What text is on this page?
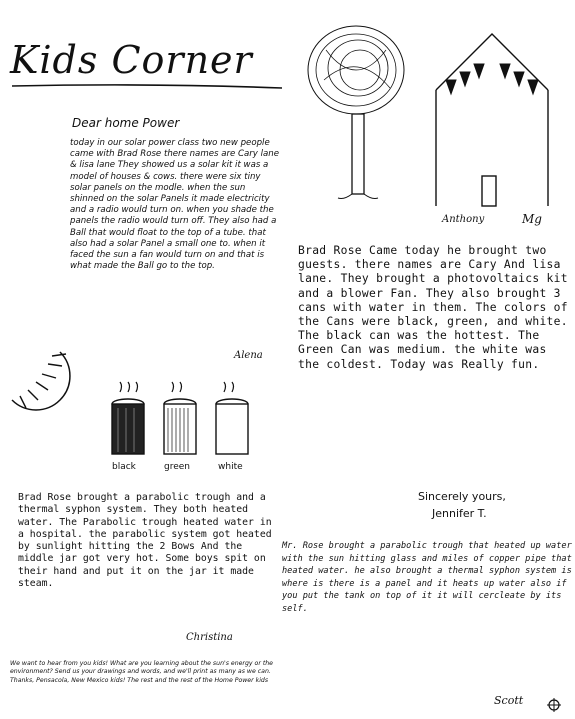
Kids Corner
Dear home Power
today in our solar power class two new people came with Brad Rose there names are Cary lane & lisa lane They showed us a solar kit it was a model of houses & cows. there were six tiny solar panels on the modle. when the sun shinned on the solar Panels it made electricity and a radio would turn on. when you shade the panels the radio would turn off. They also had a Ball that would float to the top of a tube. that also had a solar Panel a small one to. when it faced the sun a fan would turn on and that is what made the Ball go to the top.
Alena
black	green	white
Brad Rose brought a parabolic trough and a thermal syphon system. They both heated water. The Parabolic trough heated water in a hospital. the parabolic system got heated by sunlight hitting the 2 Bows And the middle jar got very hot. Some boys spit on their hand and put it on the jar it made steam.
Christina
We want to hear from you kids! What are you learning about the sun's energy or the environment? Send us your drawings and words, and we'll print as many as we can. Thanks, Pensacola, New Mexico kids! The rest and the rest of the Home Power kids
Anthony	Mg
Brad Rose Came today he brought two guests. there names are Cary And lisa lane. They brought a photovoltaics kit and a blower Fan. They also brought 3 cans with water in them. The colors of the Cans were black, green, and white. The black can was the hottest. The Green Can was medium. the white was the coldest. Today was Really fun.
Sincerely yours,
Jennifer T.
Mr. Rose brought a parabolic trough that heated up water with the sun hitting glass and miles of copper pipe that heated water. he also brought a thermal syphon system is where is there is a panel and it heats up water also if you put the tank on top of it it will cercleate by its self.
Scott
